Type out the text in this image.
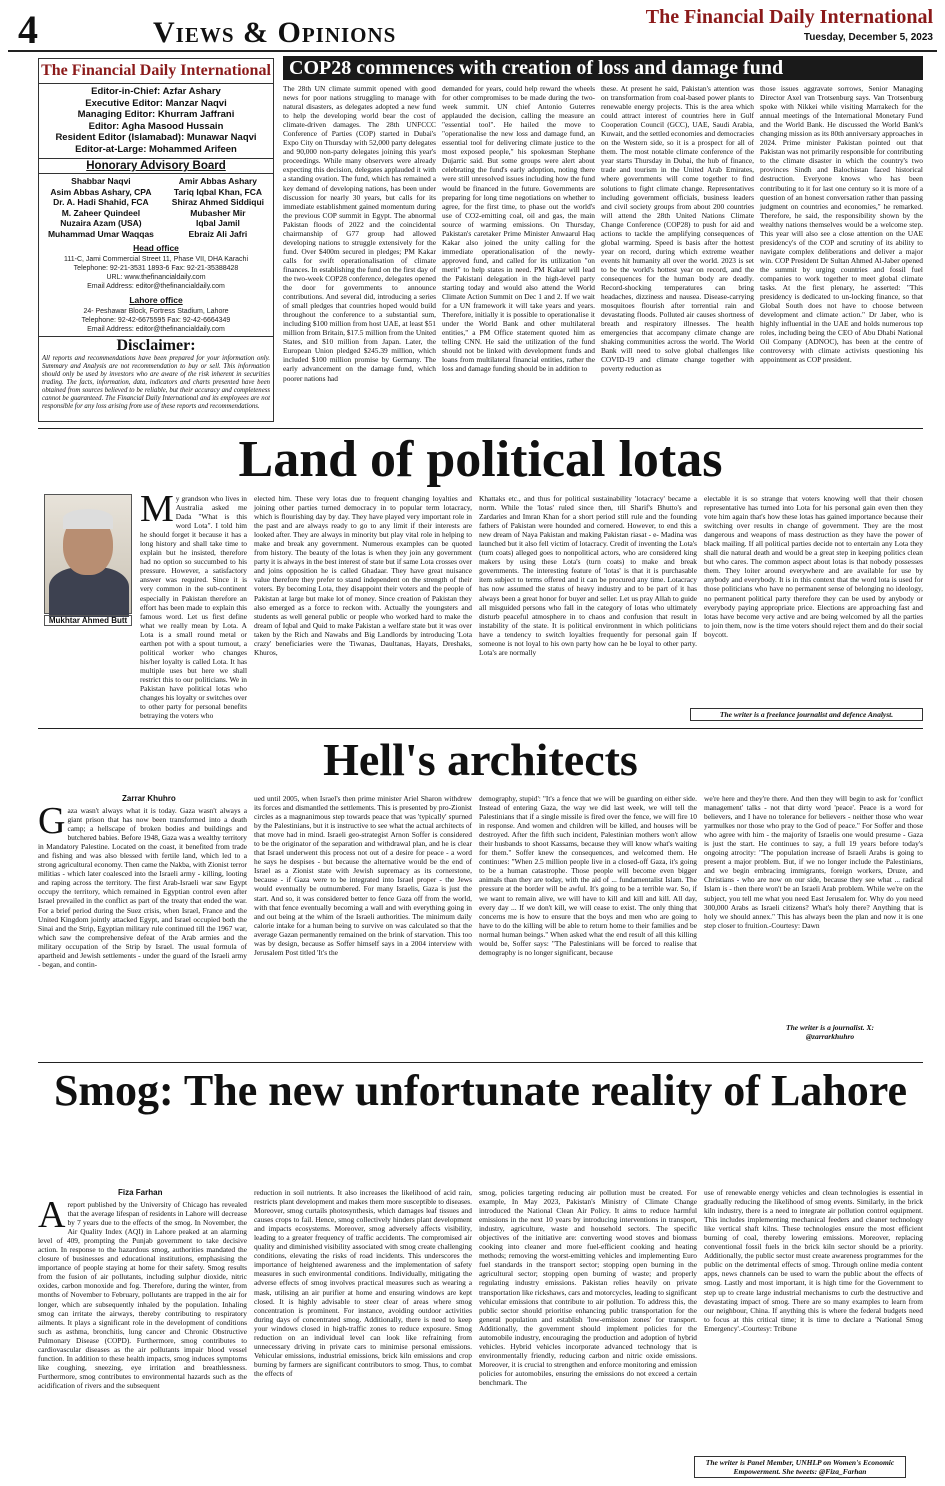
4	Views & Opinions	The Financial Daily International
Tuesday, December 5, 2023
The Financial Daily International
Editor-in-Chief: Azfar Ashary
Executive Editor: Manzar Naqvi
Managing Editor: Khurram Jaffrani
Editor: Agha Masood Hussain
Resident Editor (Islamabad): Munawar Naqvi
Editor-at-Large: Mohammed Arifeen
Honorary Advisory Board
Shabbar Naqvi
Asim Abbas Ashary, CPA
Dr. A. Hadi Shahid, FCA
M. Zaheer Quindeel
Nuzaira Azam (USA)
Muhammad Umar Waqqas
Amir Abbas Ashary
Tariq Iqbal Khan, FCA
Shiraz Ahmed Siddiqui
Mubasher Mir
Iqbal Jamil
Ebraiz Ali Jafri
Head office
111-C, Jami Commercial Street 11, Phase VII, DHA Karachi
Telephone: 92-21-3531 1893-6 Fax: 92-21-35388428
URL: www.thefinancialdaily.com
Email Address: editor@thefinancialdaily.com
Lahore office
24- Peshawar Block, Fortress Stadium, Lahore
Telephone: 92-42-6675595 Fax: 92-42-6664349
Email Address: editor@thefinancialdaily.com
Disclaimer:
All reports and recommendations have been prepared for your information only. Summary and Analysis are not recommendation to buy or sell. This information should only be used by investors who are aware of the risk inherent in securities trading. The facts, information, data, indicators and charts presented have been obtained from sources believed to be reliable, but their accuracy and completeness cannot be guaranteed. The Financial Daily International and its employees are not responsible for any loss arising from use of these reports and recommendations.
COP28 commences with creation of loss and damage fund
The 28th UN climate summit opened with good news for poor nations struggling to manage with natural disasters, as delegates adopted a new fund to help the developing world bear the cost of climate-driven damages. The 28th UNFCCC Conference of Parties (COP) started in Dubai's Expo City on Thursday with 52,000 party delegates and 90,000 non-party delegates joining this year's proceedings. While many observers were already expecting this decision, delegates applauded it with a standing ovation. The fund, which has remained a key demand of developing nations, has been under discussion for nearly 30 years, but calls for its immediate establishment gained momentum during the previous COP summit in Egypt. The abnormal Pakistan floods of 2022 and the coincidental chairmanship of G77 group had allowed developing nations to struggle extensively for the fund. Over $400m secured in pledges; PM Kakar calls for swift operationalisation of climate finances. In establishing the fund on the first day of the two-week COP28 conference, delegates opened the door for governments to announce contributions. And several did, introducing a series of small pledges that countries hoped would build throughout the conference to a substantial sum, including $100 million from host UAE, at least $51 million from Britain, $17.5 million from the United States, and $10 million from Japan. Later, the European Union pledged $245.39 million, which included $100 million promise by Germany. The early advancement on the damage fund, which poorer nations had
demanded for years, could help reward the wheels for other compromises to be made during the two-week summit. UN chief Antonio Guterres applauded the decision, calling the measure an "essential tool". He hailed the move to "operationalise the new loss and damage fund, an essential tool for delivering climate justice to the most exposed people," his spokesman Stephane Dujarric said. But some groups were alert about celebrating the fund's early adoption, noting there were still unresolved issues including how the fund would be financed in the future. Governments are preparing for long time negotiations on whether to agree, for the first time, to phase out the world's use of CO2-emitting coal, oil and gas, the main source of warming emissions. On Thursday, Pakistan's caretaker Prime Minister Anwaarul Haq Kakar also joined the unity calling for the immediate operationalisation of the newly-approved fund, and called for its utilization "on merit" to help states in need. PM Kakar will lead the Pakistani delegation in the high-level party starting today and would also attend the World Climate Action Summit on Dec 1 and 2. If we wait for a UN framework it will take years and years. Therefore, initially it is possible to operationalise it under the World Bank and other multilateral entities," a PM Office statement quoted him as telling CNN. He said the utilization of the fund should not be linked with development funds and loans from multilateral financial entities, rather the loss and damage funding should be in addition to
these. At present he said, Pakistan's attention was on transformation from coal-based power plants to renewable energy projects. This is the area which could attract interest of countries here in Gulf Cooperation Council (GCC), UAE, Saudi Arabia, Kuwait, and the settled economies and democracies on the Western side, so it is a prospect for all of them. The most notable climate conference of the year starts Thursday in Dubai, the hub of finance, trade and tourism in the United Arab Emirates, where governments will come together to find solutions to fight climate change. Representatives including government officials, business leaders and civil society groups from about 200 countries will attend the 28th United Nations Climate Change Conference (COP28) to push for aid and actions to tackle the amplifying consequences of global warming. Speed is basis after the hottest year on record, during which extreme weather events hit humanity all over the world. 2023 is set to be the world's hottest year on record, and the consequences for the human body are deadly. Record-shocking temperatures can bring headaches, dizziness and nausea. Disease-carrying mosquitoes flourish after torrential rain and devastating floods. Polluted air causes shortness of breath and respiratory illnesses. The health emergencies that accompany climate change are shaking communities across the world. The World Bank will need to solve global challenges like COVID-19 and climate change together with poverty reduction as
those issues aggravate sorrows, Senior Managing Director Axel van Trotsenburg says. Van Trotsenburg spoke with Nikkei while visiting Marrakech for the annual meetings of the International Monetary Fund and the World Bank. He discussed the World Bank's changing mission as its 80th anniversary approaches in 2024. Prime minister Pakistan pointed out that Pakistan was not primarily responsible for contributing to the climate disaster in which the country's two provinces Sindh and Balochistan faced historical destruction. Everyone knows who has been contributing to it for last one century so it is more of a question of an honest conversation rather than passing judgment on countries and economies," he remarked. Therefore, he said, the responsibility shown by the wealthy nations themselves would be a welcome step. This year will also see a close attention on the UAE presidency's of the COP and scrutiny of its ability to navigate complex deliberations and deliver a major win. COP President Dr Sultan Ahmed Al-Jaber opened the summit by urging countries and fossil fuel companies to work together to meet global climate tasks. At the first plenary, he asserted: "This presidency is dedicated to un-locking finance, so that Global South does not have to choose between development and climate action." Dr Jaber, who is highly influential in the UAE and holds numerous top roles, including being the CEO of Abu Dhabi National Oil Company (ADNOC), has been at the centre of controversy with climate activists questioning his appointment as COP president.
Land of political lotas
Mukhtar Ahmed Butt
My grandson who lives in Australia asked me Dada "What is this word Lota". I told him he should forget it because it has a long history and shall take time to explain but he insisted, therefore had no option so succumbed to his pressure. However, a satisfactory answer was required. Since it is very common in the sub-continent especially in Pakistan therefore an effort has been made to explain this famous word. Let us first define what we really mean by Lota. A Lota is a small round metal or earthen pot with a spout turnout, a political worker who changes his/her loyalty is called Lota. It has multiple uses but here we shall restrict this to our politicians. We in Pakistan have political lotas who changes his loyalty or switches over to other party for personal benefits betraying the voters who
elected him. These very lotas due to frequent changing loyalties and joining other parties turned democracy in to popular term lotacracy, which is flourishing day by day. They have played very important role in the past and are always ready to go to any limit if their interests are looked after. They are always in minority but play vital role in helping to make and break any government. Numerous examples can be quoted from history. The beauty of the lotas is when they join any government party it is always in the best interest of state but if same Lota crosses over and joins opposition he is called Ghadaar. They have great nuisance value therefore they prefer to stand independent on the strength of their voters. By becoming Lota, they disappoint their voters and the people of Pakistan at large but make lot of money. Since creation of Pakistan they also emerged as a force to reckon with. Actually the youngsters and students as well general public or people who worked hard to make the dream of Iqbal and Quid to make Pakistan a welfare state but it was over taken by the Rich and Nawabs and Big Landlords by introducing 'Lota crazy' beneficiaries were the Tiwanas, Daultanas, Hayats, Dreshaks, Khuros,
Khattaks etc., and thus for political sustainability 'lotacracy' became a norm. While the 'lotas' ruled since then, till Sharif's Bhutto's and Zardaries and Imran Khan for a short period still rule and the founding fathers of Pakistan were hounded and cornered. However, to end this a new dream of Naya Pakistan and making Pakistan riasat - e- Madina was launched but it also fell victim of lotacracy. Credit of inventing the Lota's (turn coats) alleged goes to nonpolitical actors, who are considered king makers by using these Lota's (turn coats) to make and break governments. The interesting feature of 'lotas' is that it is purchasable item subject to terms offered and it can be procured any time. Lotacracy has now assumed the status of heavy industry and to be part of it has always been a great honor for buyer and seller. Let us pray Allah to guide all misguided persons who fall in the category of lotas who ultimately disturb peaceful atmosphere in to chaos and confusion that result in instability of the state. It is political environment in which politicians have a tendency to switch loyalties frequently for personal gain If someone is not loyal to his own party how can he be loyal to other party. Lota's are normally
electable it is so strange that voters knowing well that their chosen representative has turned into Lota for his personal gain even then they vote him again that's how these lotas has gained importance because their switching over results in change of government. They are the most dangerous and weapons of mass destruction as they have the power of black mailing. If all political parties decide not to entertain any Lota they shall die natural death and would be a great step in keeping politics clean but who cares. The common aspect about lotas is that nobody possesses them. They loiter around everywhere and are available for use by anybody and everybody. It is in this context that the word lota is used for those politicians who have no permanent sense of belonging no ideology, no permanent political party therefore they can be used by anybody or everybody paying appropriate price. Elections are approaching fast and lotas have become very active and are being welcomed by all the parties to join them, now is the time voters should reject them and do their social boycott.
The writer is a freelance journalist and defence Analyst.
Hell's architects
Zarrar Khuhro
Gaza wasn't always what it is today. Gaza wasn't always a giant prison that has now been transformed into a death camp; a hellscape of broken bodies and buildings and butchered babies. Before 1948, Gaza was a wealthy territory in Mandatory Palestine. Located on the coast, it benefited from trade and fishing and was also blessed with fertile land, which led to a strong agricultural economy. Then came the Nakba, with Zionist terror militias - which later coalesced into the Israeli army - killing, looting and raping across the territory. The first Arab-Israeli war saw Egypt occupy the territory, which remained in Egyptian control even after Israel prevailed in the conflict as part of the treaty that ended the war. For a brief period during the Suez crisis, when Israel, France and the United Kingdom jointly attacked Egypt, and Israel occupied both the Sinai and the Strip, Egyptian military rule continued till the 1967 war, which saw the comprehensive defeat of the Arab armies and the military occupation of the Strip by Israel. The usual formula of apartheid and Jewish settlements - under the guard of the Israeli army - began, and contin-
ued until 2005, when Israel's then prime minister Ariel Sharon withdrew its forces and dismantled the settlements. This is presented by pro-Zionist circles as a magnanimous step towards peace that was 'typically' spurned by the Palestinians, but it is instructive to see what the actual architects of that move had in mind. Israeli geo-strategist Arnon Soffer is considered to be the originator of the separation and withdrawal plan, and he is clear that Israel underwent this process not out of a desire for peace - a word he says he despises - but because the alternative would be the end of Israel as a Zionist state with Jewish supremacy as its cornerstone, because - if Gaza were to be integrated into Israel proper - the Jews would eventually be outnumbered. For many Israelis, Gaza is just the start. And so, it was considered better to fence Gaza off from the world, with that fence eventually becoming a wall and with everything going in and out being at the whim of the Israeli authorities. The minimum daily calorie intake for a human being to survive on was calculated so that the average Gazan permanently remained on the brink of starvation. This too was by design, because as Soffer himself says in a 2004 interview with Jerusalem Post titled 'It's the
demography, stupid': "It's a fence that we will be guarding on either side. Instead of entering Gaza, the way we did last week, we will tell the Palestinians that if a single missile is fired over the fence, we will fire 10 in response. And women and children will be killed, and houses will be destroyed. After the fifth such incident, Palestinian mothers won't allow their husbands to shoot Kassams, because they will know what's waiting for them." Soffer knew the consequences, and welcomed them. He continues: "When 2.5 million people live in a closed-off Gaza, it's going to be a human catastrophe. Those people will become even bigger animals than they are today, with the aid of ... fundamentalist Islam. The pressure at the border will be awful. It's going to be a terrible war. So, if we want to remain alive, we will have to kill and kill and kill. All day, every day ... If we don't kill, we will cease to exist. The only thing that concerns me is how to ensure that the boys and men who are going to have to do the killing will be able to return home to their families and be normal human beings." When asked what the end result of all this killing would be, Soffer says: "The Palestinians will be forced to realise that demography is no longer significant, because
we're here and they're there. And then they will begin to ask for 'conflict management' talks - not that dirty word 'peace'. Peace is a word for believers, and I have no tolerance for believers - neither those who wear yarmulkes nor those who pray to the God of peace." For Soffer and those who agree with him - the majority of Israelis one would presume - Gaza is just the start. He continues to say, a full 19 years before today's ongoing atrocity: "The population increase of Israeli Arabs is going to present a major problem. But, if we no longer include the Palestinians, and we begin embracing immigrants, foreign workers, Druze, and Christians - who are now on our side, because they see what ... radical Islam is - then there won't be an Israeli Arab problem. While we're on the subject, you tell me what you need East Jerusalem for. Why do you need 300,000 Arabs as Israeli citizens? What's holy there? Anything that is holy we should annex." This has always been the plan and now it is one step closer to fruition.-Courtesy: Dawn
The writer is a journalist. X: @zarrarkhuhro
Smog: The new unfortunate reality of Lahore
Fiza Farhan
A report published by the University of Chicago has revealed that the average lifespan of residents in Lahore will decrease by 7 years due to the effects of the smog. In November, the Air Quality Index (AQI) in Lahore peaked at an alarming level of 409, prompting the Punjab government to take decisive action. In response to the hazardous smog, authorities mandated the closure of businesses and educational institutions, emphasising the importance of people staying at home for their safety. Smog results from the fusion of air pollutants, including sulphur dioxide, nitric oxides, carbon monoxide and fog. Therefore, during the winter, from months of November to February, pollutants are trapped in the air for longer, which are subsequently inhaled by the population. Inhaling smog can irritate the airways, thereby contributing to respiratory ailments. It plays a significant role in the development of conditions such as asthma, bronchitis, lung cancer and Chronic Obstructive Pulmonary Disease (COPD). Furthermore, smog contributes to cardiovascular diseases as the air pollutants impair blood vessel function. In addition to these health impacts, smog induces symptoms like coughing, sneezing, eye irritation and breathlessness. Furthermore, smog contributes to environmental hazards such as the acidification of rivers and the subsequent
reduction in soil nutrients. It also increases the likelihood of acid rain, restricts plant development and makes them more susceptible to diseases. Moreover, smog curtails photosynthesis, which damages leaf tissues and causes crops to fail. Hence, smog collectively hinders plant development and impacts ecosystems. Moreover, smog adversely affects visibility, leading to a greater frequency of traffic accidents. The compromised air quality and diminished visibility associated with smog create challenging conditions, elevating the risks of road incidents. This underscores the importance of heightened awareness and the implementation of safety measures in such environmental conditions. Individually, mitigating the adverse effects of smog involves practical measures such as wearing a mask, utilising an air purifier at home and ensuring windows are kept closed. It is highly advisable to steer clear of areas where smog concentration is prominent. For instance, avoiding outdoor activities during days of concentrated smog. Additionally, there is need to keep your windows closed in high-traffic zones to reduce exposure. Smog reduction on an individual level can look like refraining from unnecessary driving in private cars to minimise personal emissions. Vehicular emissions, industrial emissions, brick kiln emissions and crop burning by farmers are significant contributors to smog. Thus, to combat the effects of
smog, policies targeting reducing air pollution must be created. For example, In May 2023, Pakistan's Ministry of Climate Change introduced the National Clean Air Policy. It aims to reduce harmful emissions in the next 10 years by introducing interventions in transport, industry, agriculture, waste and household sectors. The specific objectives of the initiative are: converting wood stoves and biomass cooking into cleaner and more fuel-efficient cooking and heating methods; removing the worst-emitting vehicles and implementing Euro fuel standards in the transport sector; stopping open burning in the agricultural sector; stopping open burning of waste; and properly regulating industry emissions. Pakistan relies heavily on private transportation like rickshaws, cars and motorcycles, leading to significant vehicular emissions that contribute to air pollution. To address this, the public sector should prioritise enhancing public transportation for the general population and establish 'low-emission zones' for transport. Additionally, the government should implement policies for the automobile industry, encouraging the production and adoption of hybrid vehicles. Hybrid vehicles incorporate advanced technology that is environmentally friendly, reducing carbon and nitric oxide emissions. Moreover, it is crucial to strengthen and enforce monitoring and emission policies for automobiles, ensuring the emissions do not exceed a certain benchmark. The
use of renewable energy vehicles and clean technologies is essential in gradually reducing the likelihood of smog events. Similarly, in the brick kiln industry, there is a need to integrate air pollution control equipment. This includes implementing mechanical feeders and cleaner technology like vertical shaft kilns. These technologies ensure the most efficient burning of coal, thereby lowering emissions. Moreover, replacing conventional fossil fuels in the brick kiln sector should be a priority. Additionally, the public sector must create awareness programmes for the public on the detrimental effects of smog. Through online media content apps, news channels can be used to warn the public about the effects of smog. Lastly and most important, it is high time for the Government to step up to create large industrial mechanisms to curb the destructive and devastating impact of smog. There are so many examples to learn from our neighbour, China. If anything this is where the federal budgets need to focus at this critical time; it is time to declare a 'National Smog Emergency'.-Courtesy: Tribune
The writer is Panel Member, UNHLP on Women's Economic Empowerment. She tweets: @Fiza_Farhan
